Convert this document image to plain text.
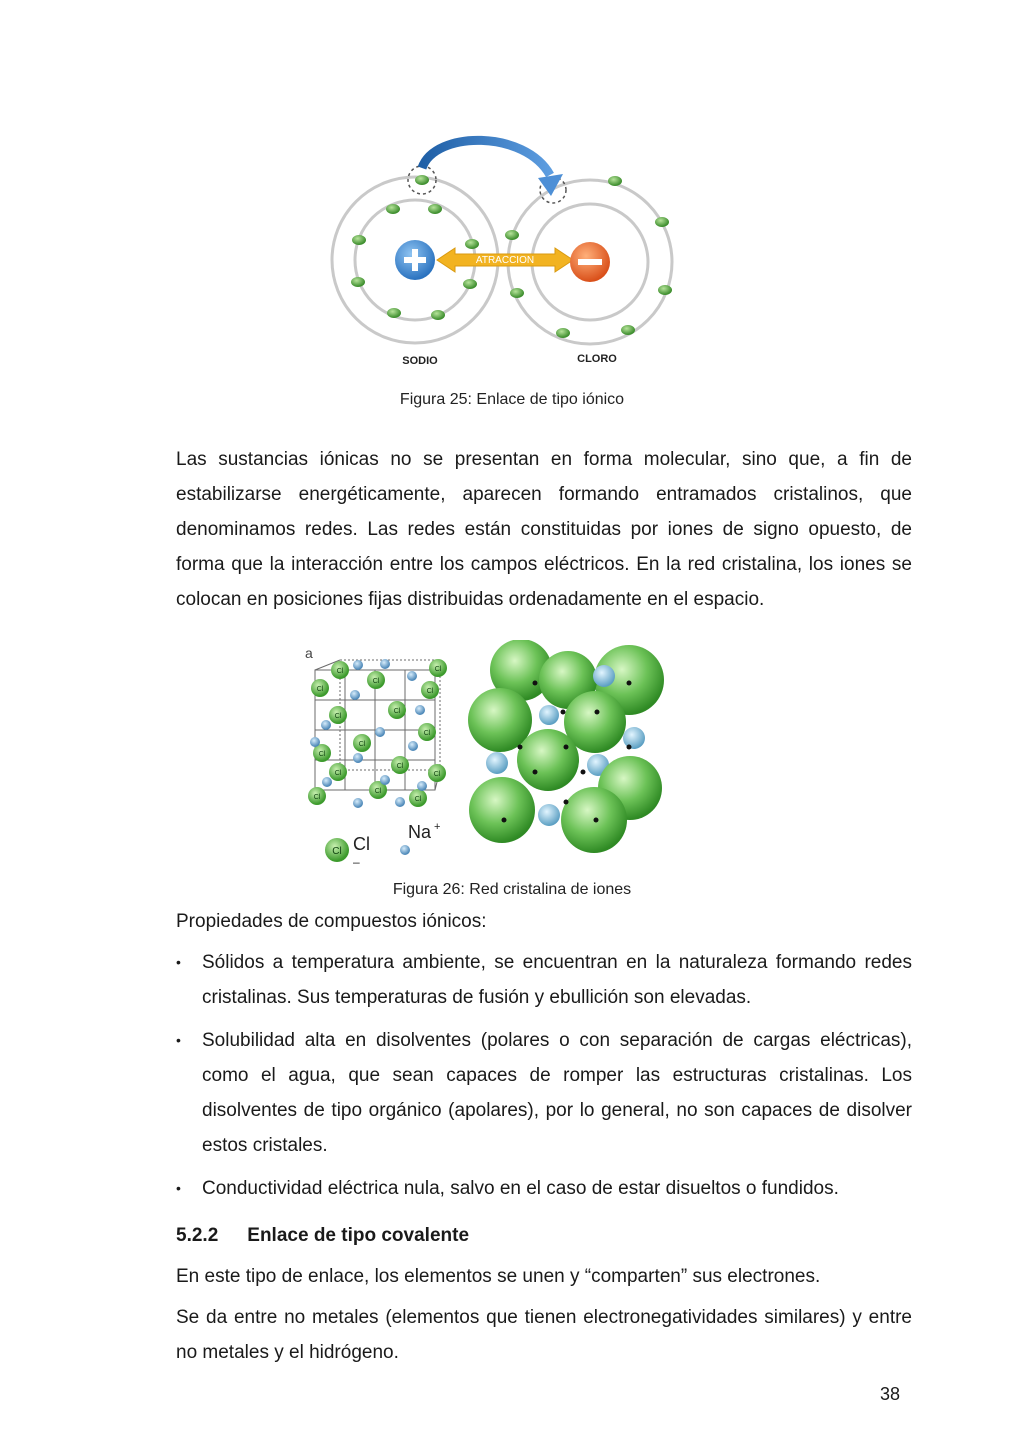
ATRACCION
SODIO	CLORO
Figura 25: Enlace de tipo iónico

Las sustancias iónicas no se presentan en forma molecular, sino que, a fin de estabilizarse energéticamente, aparecen formando entramados cristalinos, que denominamos redes. Las redes están constituidas por iones de signo opuesto, de forma que la interacción entre los campos eléctricos. En la red cristalina, los iones se colocan en posiciones fijas distribuidas ordenadamente en el espacio.

a
Cl
Cl	Cl
Cl
Cl
Cl
Cl
Cl
Cl
Cl
Cl
Cl
Cl
Cl
Cl
Cl
Cl Cl
–
Na +
Figura 26: Red cristalina de iones
Propiedades de compuestos iónicos:
• Sólidos a temperatura ambiente, se encuentran en la naturaleza formando redes cristalinas. Sus temperaturas de fusión y ebullición son elevadas.
• Solubilidad alta en disolventes (polares o con separación de cargas eléctricas), como el agua, que sean capaces de romper las estructuras cristalinas. Los disolventes de tipo orgánico (apolares), por lo general, no son capaces de disolver estos cristales.
• Conductividad eléctrica nula, salvo en el caso de estar disueltos o fundidos.
5.2.2 Enlace de tipo covalente

En este tipo de enlace, los elementos se unen y “comparten” sus electrones.

Se da entre no metales (elementos que tienen electronegatividades similares) y entre no metales y el hidrógeno.

38
